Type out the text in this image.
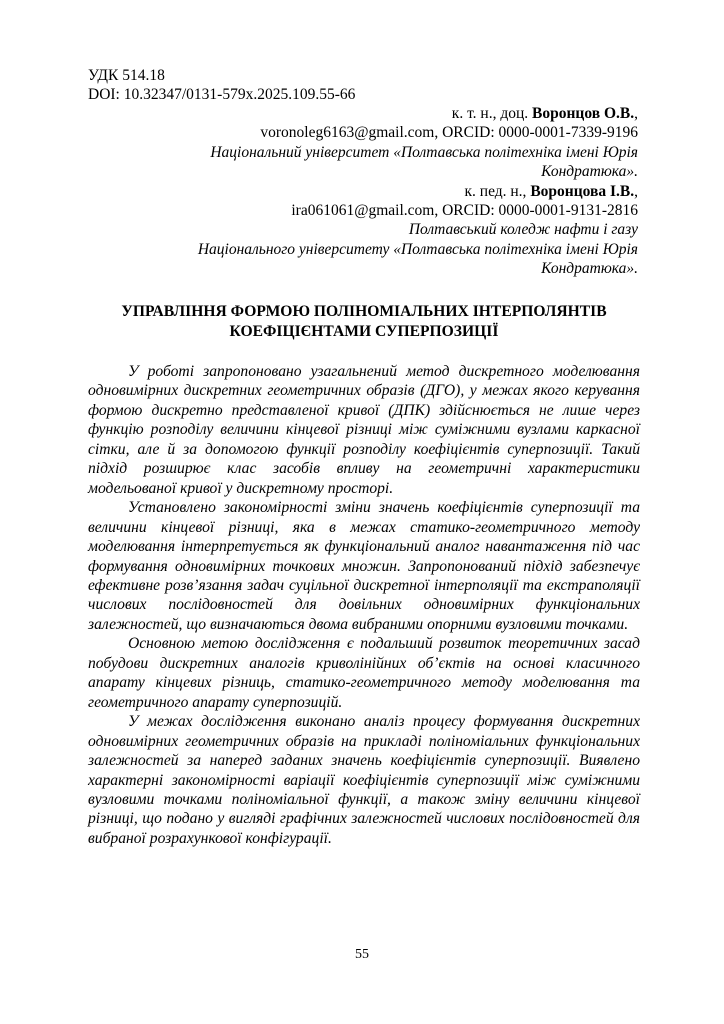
УДК 514.18
DOI: 10.32347/0131-579x.2025.109.55-66
к. т. н., доц. Воронцов О.В.,
voronoleg6163@gmail.com, ORCID: 0000-0001-7339-9196
Національний університет «Полтавська політехніка імені Юрія
Кондратюка».
к. пед. н., Воронцова І.В.,
ira061061@gmail.com, ORCID: 0000-0001-9131-2816
Полтавський коледж нафти і газу
Національного університету «Полтавська політехніка імені Юрія
Кондратюка».
УПРАВЛІННЯ ФОРМОЮ ПОЛІНОМІАЛЬНИХ ІНТЕРПОЛЯНТІВ
КОЕФІЦІЄНТАМИ СУПЕРПОЗИЦІЇ

У роботі запропоновано узагальнений метод дискретного моделювання одновимірних дискретних геометричних образів (ДГО), у межах якого керування формою дискретно представленої кривої (ДПК) здійснюється не лише через функцію розподілу величини кінцевої різниці між суміжними вузлами каркасної сітки, але й за допомогою функції розподілу коефіцієнтів суперпозиції. Такий підхід розширює клас засобів впливу на геометричні характеристики модельованої кривої у дискретному просторі.

Установлено закономірності зміни значень коефіцієнтів суперпозиції та величини кінцевої різниці, яка в межах статико-геометричного методу моделювання інтерпретується як функціональний аналог навантаження під час формування одновимірних точкових множин. Запропонований підхід забезпечує ефективне розв’язання задач суцільної дискретної інтерполяції та екстраполяції числових послідовностей для довільних одновимірних функціональних залежностей, що визначаються двома вибраними опорними вузловими точками.

Основною метою дослідження є подальший розвиток теоретичних засад побудови дискретних аналогів криволінійних об’єктів на основі класичного апарату кінцевих різниць, статико-геометричного методу моделювання та геометричного апарату суперпозицій.

У межах дослідження виконано аналіз процесу формування дискретних одновимірних геометричних образів на прикладі поліноміальних функціональних залежностей за наперед заданих значень коефіцієнтів суперпозиції. Виявлено характерні закономірності варіації коефіцієнтів суперпозиції між суміжними вузловими точками поліноміальної функції, а також зміну величини кінцевої різниці, що подано у вигляді графічних залежностей числових послідовностей для вибраної розрахункової конфігурації.

55
